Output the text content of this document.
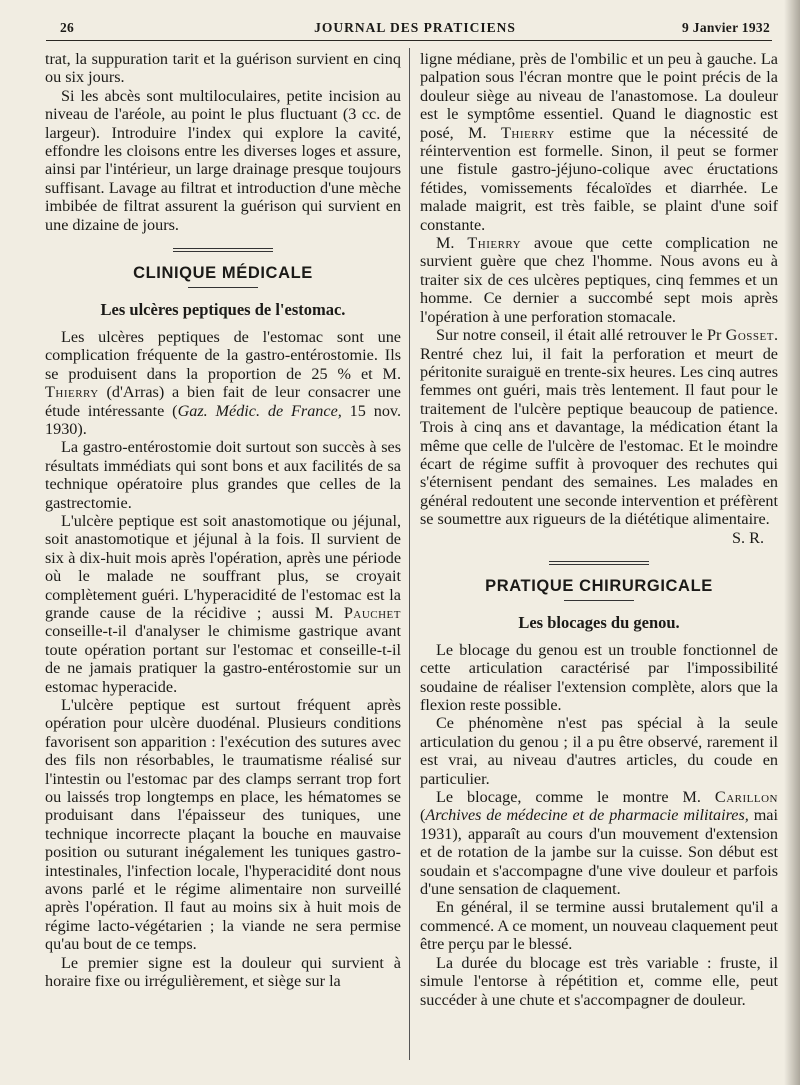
26	JOURNAL DES PRATICIENS	9 Janvier 1932

trat, la suppuration tarit et la guérison survient en cinq ou six jours.

Si les abcès sont multiloculaires, petite incision au niveau de l'aréole, au point le plus fluctuant (3 cc. de largeur). Introduire l'index qui explore la cavité, effondre les cloisons entre les diverses loges et assure, ainsi par l'intérieur, un large drainage presque toujours suffisant. Lavage au filtrat et introduction d'une mèche imbibée de filtrat assurent la guérison qui survient en une dizaine de jours.

CLINIQUE MÉDICALE
Les ulcères peptiques de l'estomac.

Les ulcères peptiques de l'estomac sont une complication fréquente de la gastro-entérostomie. Ils se produisent dans la proportion de 25 % et M. Thierry (d'Arras) a bien fait de leur consacrer une étude intéressante (Gaz. Médic. de France, 15 nov. 1930).

La gastro-entérostomie doit surtout son succès à ses résultats immédiats qui sont bons et aux facilités de sa technique opératoire plus grandes que celles de la gastrectomie.

L'ulcère peptique est soit anastomotique ou jéjunal, soit anastomotique et jéjunal à la fois. Il survient de six à dix-huit mois après l'opération, après une période où le malade ne souffrant plus, se croyait complètement guéri. L'hyperacidité de l'estomac est la grande cause de la récidive ; aussi M. Pauchet conseille-t-il d'analyser le chimisme gastrique avant toute opération portant sur l'estomac et conseille-t-il de ne jamais pratiquer la gastro-entérostomie sur un estomac hyperacide.

L'ulcère peptique est surtout fréquent après opération pour ulcère duodénal. Plusieurs conditions favorisent son apparition : l'exécution des sutures avec des fils non résorbables, le traumatisme réalisé sur l'intestin ou l'estomac par des clamps serrant trop fort ou laissés trop longtemps en place, les hématomes se produisant dans l'épaisseur des tuniques, une technique incorrecte plaçant la bouche en mauvaise position ou suturant inégalement les tuniques gastro-intestinales, l'infection locale, l'hyperacidité dont nous avons parlé et le régime alimentaire non surveillé après l'opération. Il faut au moins six à huit mois de régime lacto-végétarien ; la viande ne sera permise qu'au bout de ce temps.

Le premier signe est la douleur qui survient à horaire fixe ou irrégulièrement, et siège sur la

ligne médiane, près de l'ombilic et un peu à gauche. La palpation sous l'écran montre que le point précis de la douleur siège au niveau de l'anastomose. La douleur est le symptôme essentiel. Quand le diagnostic est posé, M. Thierry estime que la nécessité de réintervention est formelle. Sinon, il peut se former une fistule gastro-jéjuno-colique avec éructations fétides, vomissements fécaloïdes et diarrhée. Le malade maigrit, est très faible, se plaint d'une soif constante.

M. Thierry avoue que cette complication ne survient guère que chez l'homme. Nous avons eu à traiter six de ces ulcères peptiques, cinq femmes et un homme. Ce dernier a succombé sept mois après l'opération à une perforation stomacale.

Sur notre conseil, il était allé retrouver le Pr Gosset. Rentré chez lui, il fait la perforation et meurt de péritonite suraiguë en trente-six heures. Les cinq autres femmes ont guéri, mais très lentement. Il faut pour le traitement de l'ulcère peptique beaucoup de patience. Trois à cinq ans et davantage, la médication étant la même que celle de l'ulcère de l'estomac. Et le moindre écart de régime suffit à provoquer des rechutes qui s'éternisent pendant des semaines. Les malades en général redoutent une seconde intervention et préfèrent se soumettre aux rigueurs de la diététique alimentaire.

S. R.

PRATIQUE CHIRURGICALE
Les blocages du genou.

Le blocage du genou est un trouble fonctionnel de cette articulation caractérisé par l'impossibilité soudaine de réaliser l'extension complète, alors que la flexion reste possible.

Ce phénomène n'est pas spécial à la seule articulation du genou ; il a pu être observé, rarement il est vrai, au niveau d'autres articles, du coude en particulier.

Le blocage, comme le montre M. Carillon (Archives de médecine et de pharmacie militaires, mai 1931), apparaît au cours d'un mouvement d'extension et de rotation de la jambe sur la cuisse. Son début est soudain et s'accompagne d'une vive douleur et parfois d'une sensation de claquement.

En général, il se termine aussi brutalement qu'il a commencé. A ce moment, un nouveau claquement peut être perçu par le blessé.

La durée du blocage est très variable : fruste, il simule l'entorse à répétition et, comme elle, peut succéder à une chute et s'accompagner de douleur.
